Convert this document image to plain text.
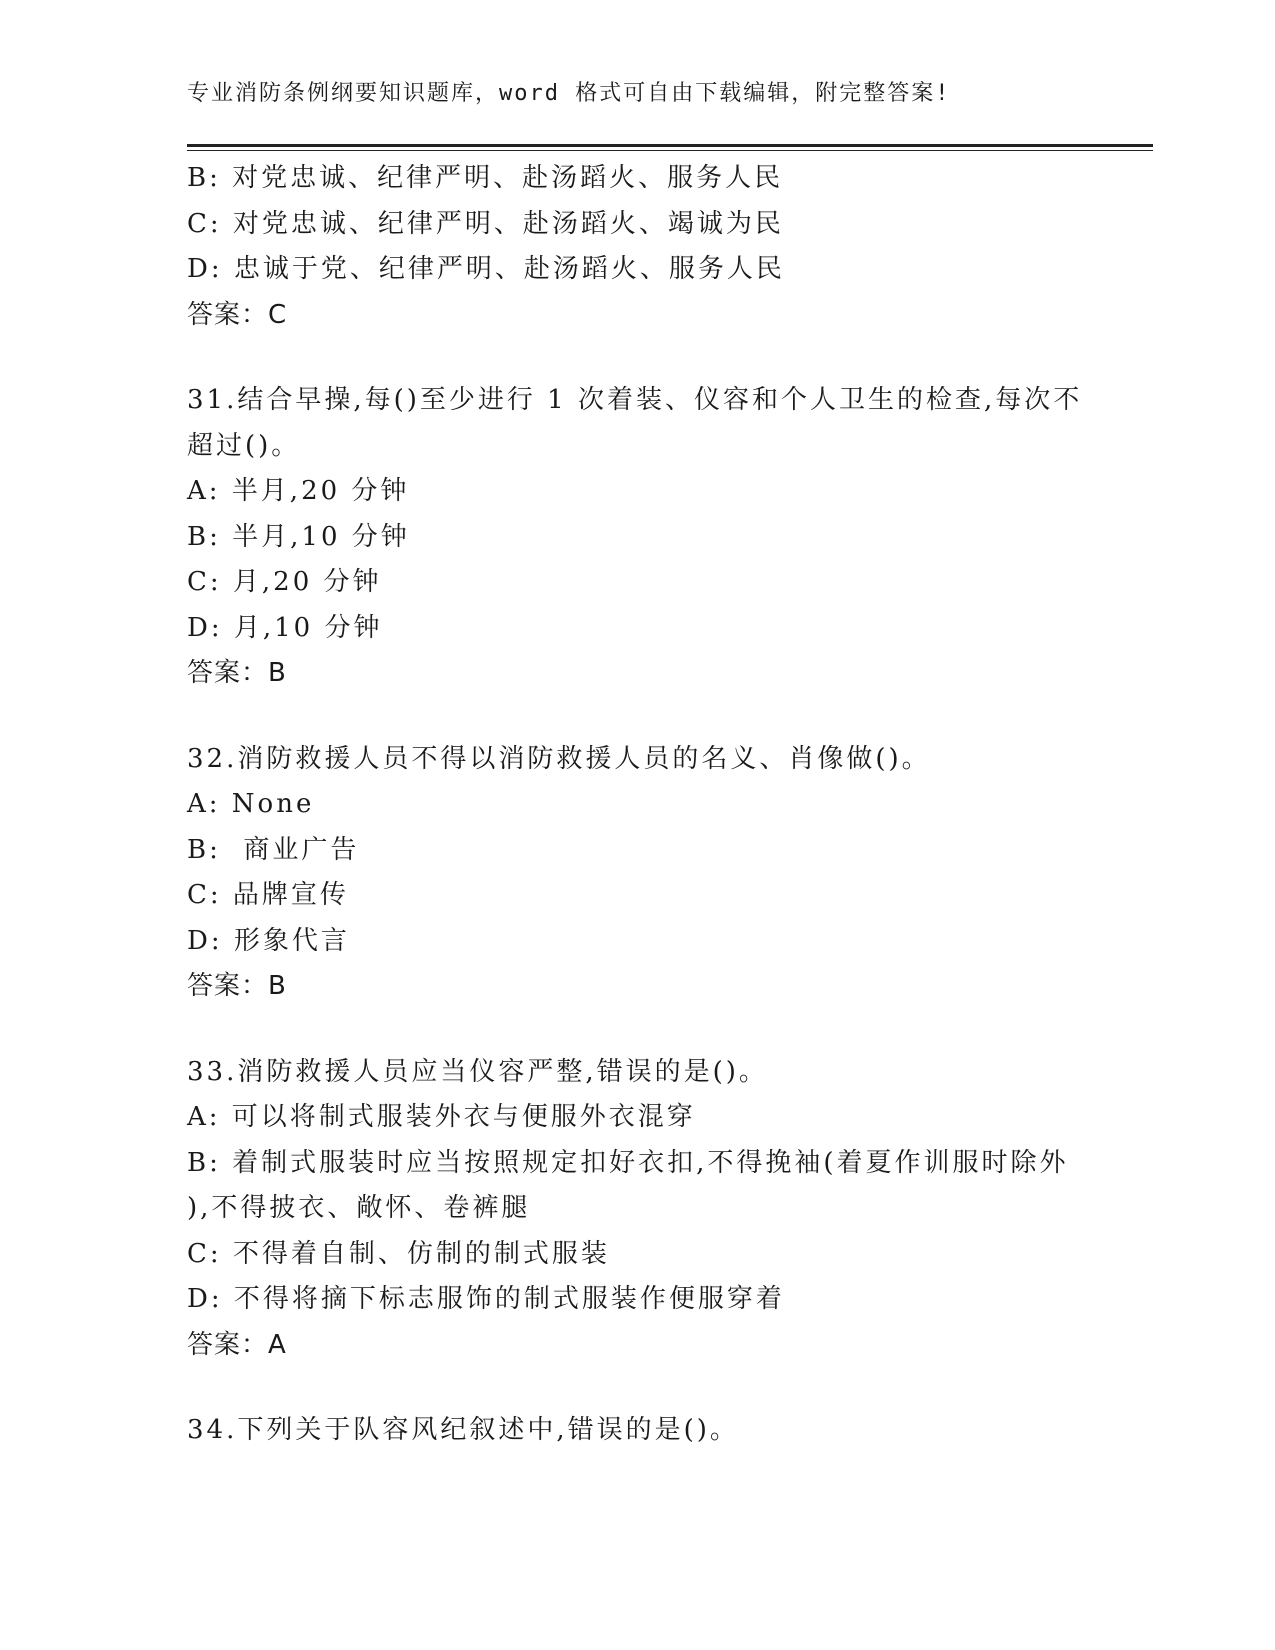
专业消防条例纲要知识题库，word 格式可自由下载编辑，附完整答案!
B: 对党忠诚、纪律严明、赴汤蹈火、服务人民
C: 对党忠诚、纪律严明、赴汤蹈火、竭诚为民
D: 忠诚于党、纪律严明、赴汤蹈火、服务人民
答案：C
31.结合早操,每()至少进行 1 次着装、仪容和个人卫生的检查,每次不
超过()。
A: 半月,20 分钟
B: 半月,10 分钟
C: 月,20 分钟
D: 月,10 分钟
答案：B
32.消防救援人员不得以消防救援人员的名义、肖像做()。
A: None
B:  商业广告
C: 品牌宣传
D: 形象代言
答案：B
33.消防救援人员应当仪容严整,错误的是()。
A: 可以将制式服装外衣与便服外衣混穿
B: 着制式服装时应当按照规定扣好衣扣,不得挽袖(着夏作训服时除外
),不得披衣、敞怀、卷裤腿
C: 不得着自制、仿制的制式服装
D: 不得将摘下标志服饰的制式服装作便服穿着
答案：A
34.下列关于队容风纪叙述中,错误的是()。
